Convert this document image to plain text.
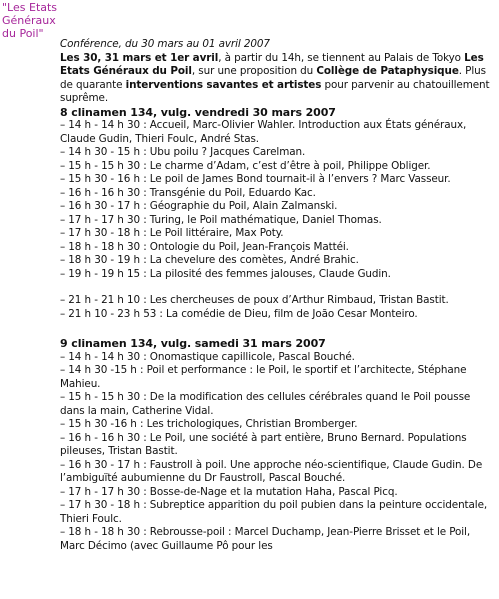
"Les Etats
Généraux
du Poil"
Conférence, du 30 mars au 01 avril 2007

Les 30, 31 mars et 1er avril, à partir du 14h, se tiennent au Palais de Tokyo Les Etats Généraux du Poil, sur une proposition du Collège de Pataphysique. Plus de quarante interventions savantes et artistes pour parvenir au chatouillement suprême.

8 clinamen 134, vulg. vendredi 30 mars 2007
– 14 h - 14 h 30 : Accueil, Marc-Olivier Wahler. Introduction aux États généraux, Claude Gudin, Thieri Foulc, André Stas.
– 14 h 30 - 15 h : Ubu poilu ? Jacques Carelman.
– 15 h - 15 h 30 : Le charme d’Adam, c’est d’être à poil, Philippe Obliger.
– 15 h 30 - 16 h : Le poil de James Bond tournait-il à l’envers ? Marc Vasseur.
– 16 h - 16 h 30 : Transgénie du Poil, Eduardo Kac.
– 16 h 30 - 17 h : Géographie du Poil, Alain Zalmanski.
– 17 h - 17 h 30 : Turing, le Poil mathématique, Daniel Thomas.
– 17 h 30 - 18 h : Le Poil littéraire, Max Poty.
– 18 h - 18 h 30 : Ontologie du Poil, Jean-François Mattéi.
– 18 h 30 - 19 h : La chevelure des comètes, André Brahic.
– 19 h - 19 h 15 : La pilosité des femmes jalouses, Claude Gudin.
– 21 h - 21 h 10 : Les chercheuses de poux d’Arthur Rimbaud, Tristan Bastit.
– 21 h 10 - 23 h 53 : La comédie de Dieu, film de João Cesar Monteiro.
9 clinamen 134, vulg. samedi 31 mars 2007
– 14 h - 14 h 30 : Onomastique capillicole, Pascal Bouché.
– 14 h 30 -15 h : Poil et performance : le Poil, le sportif et l’architecte, Stéphane Mahieu.
– 15 h - 15 h 30 : De la modification des cellules cérébrales quand le Poil pousse dans la main, Catherine Vidal.
– 15 h 30 -16 h : Les trichologiques, Christian Bromberger.
– 16 h - 16 h 30 : Le Poil, une société à part entière, Bruno Bernard. Populations pileuses, Tristan Bastit.
– 16 h 30 - 17 h : Faustroll à poil. Une approche néo-scientifique, Claude Gudin. De l’ambiguïté aubumienne du Dr Faustroll, Pascal Bouché.
– 17 h - 17 h 30 : Bosse-de-Nage et la mutation Haha, Pascal Picq.
– 17 h 30 - 18 h : Subreptice apparition du poil pubien dans la peinture occidentale, Thieri Foulc.
– 18 h - 18 h 30 : Rebrousse-poil : Marcel Duchamp, Jean-Pierre Brisset et le Poil, Marc Décimo (avec Guillaume Pô pour les
